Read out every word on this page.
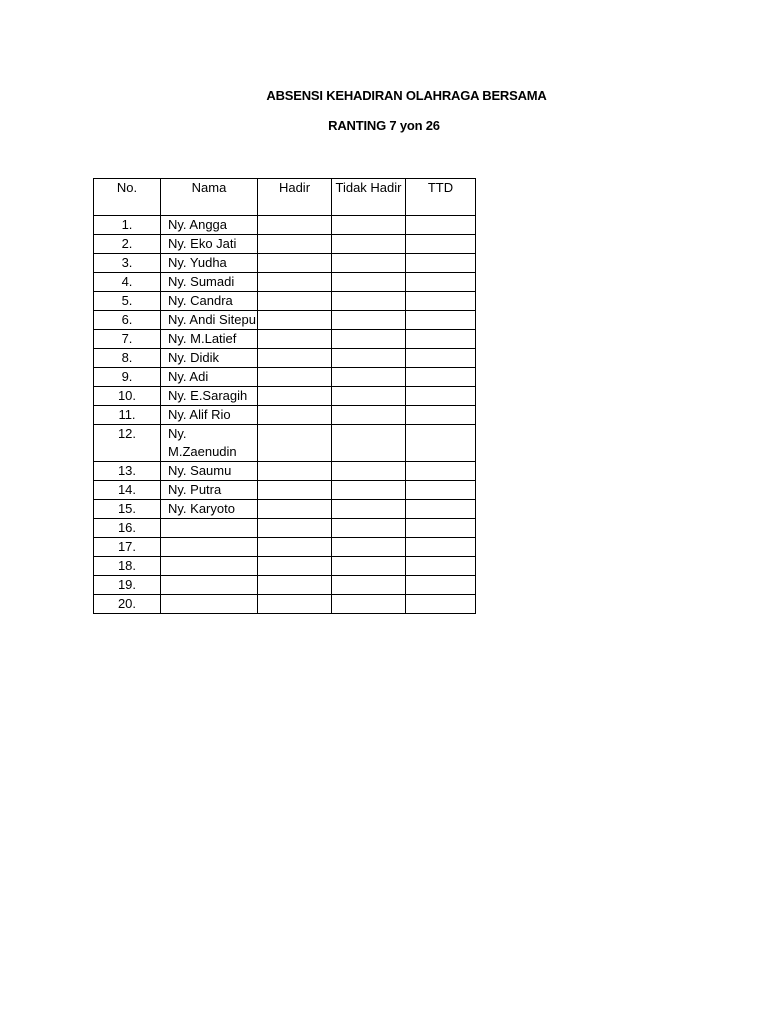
ABSENSI KEHADIRAN OLAHRAGA BERSAMA
RANTING 7 yon 26
No.	Nama	Hadir	Tidak Hadir	TTD
1.	Ny. Angga			
2.	Ny. Eko Jati			
3.	Ny. Yudha			
4.	Ny. Sumadi			
5.	Ny. Candra			
6.	Ny. Andi Sitepu			
7.	Ny. M.Latief			
8.	Ny. Didik			
9.	Ny. Adi			
10.	Ny. E.Saragih			
11.	Ny. Alif Rio			
12.	Ny. M.Zaenudin			
13.	Ny. Saumu			
14.	Ny. Putra			
15.	Ny. Karyoto			
16.				
17.				
18.				
19.				
20.				
